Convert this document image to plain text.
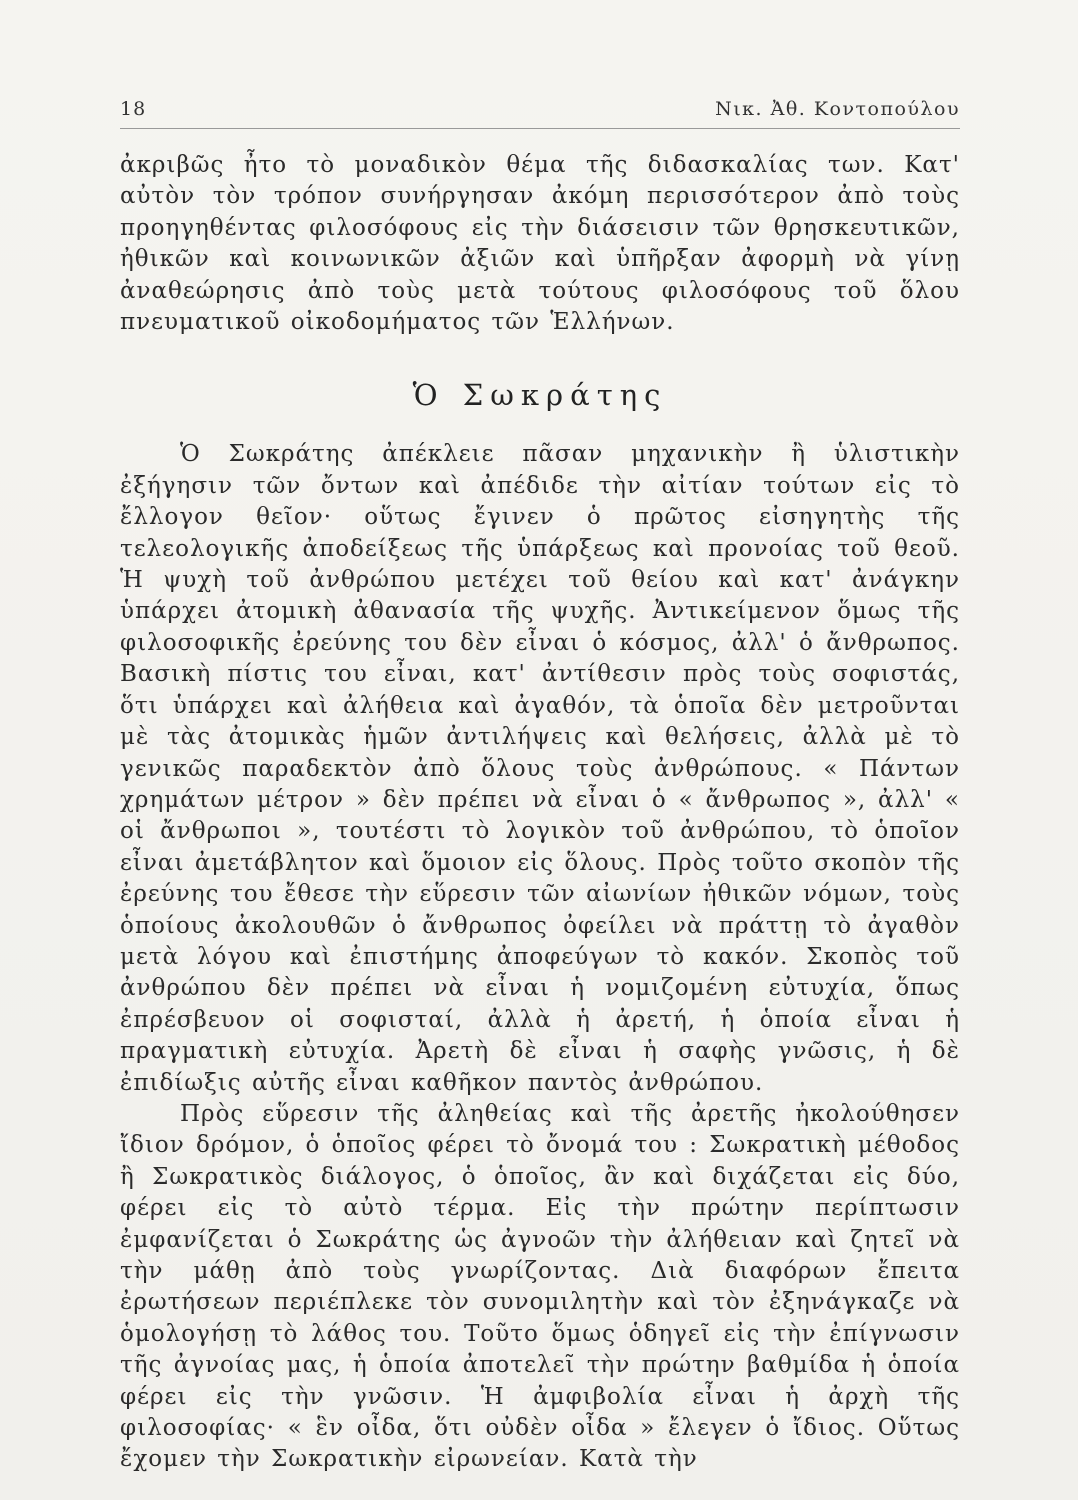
18	Νικ. Ἀθ. Κοντοπούλου

ἀκριβῶς ἦτο τὸ μοναδικὸν θέμα τῆς διδασκαλίας των. Κατ' αὐτὸν τὸν τρόπον συνήργησαν ἀκόμη περισσότερον ἀπὸ τοὺς προηγηθέντας φιλοσόφους εἰς τὴν διάσεισιν τῶν θρησκευτικῶν, ἠθικῶν καὶ κοινωνικῶν ἀξιῶν καὶ ὑπῆρξαν ἀφορμὴ νὰ γίνῃ ἀναθεώρησις ἀπὸ τοὺς μετὰ τούτους φιλοσόφους τοῦ ὅλου πνευματικοῦ οἰκοδομήματος τῶν Ἑλλήνων.

Ὁ Σωκράτης

Ὁ Σωκράτης ἀπέκλειε πᾶσαν μηχανικὴν ἢ ὑλιστικὴν ἐξήγησιν τῶν ὄντων καὶ ἀπέδιδε τὴν αἰτίαν τούτων εἰς τὸ ἔλλογον θεῖον· οὕτως ἔγινεν ὁ πρῶτος εἰσηγητὴς τῆς τελεολογικῆς ἀποδείξεως τῆς ὑπάρξεως καὶ προνοίας τοῦ θεοῦ. Ἡ ψυχὴ τοῦ ἀνθρώπου μετέχει τοῦ θείου καὶ κατ' ἀνάγκην ὑπάρχει ἀτομικὴ ἀθανασία τῆς ψυχῆς. Ἀντικείμενον ὅμως τῆς φιλοσοφικῆς ἐρεύνης του δὲν εἶναι ὁ κόσμος, ἀλλ' ὁ ἄνθρωπος. Βασικὴ πίστις του εἶναι, κατ' ἀντίθεσιν πρὸς τοὺς σοφιστάς, ὅτι ὑπάρχει καὶ ἀλήθεια καὶ ἀγαθόν, τὰ ὁποῖα δὲν μετροῦνται μὲ τὰς ἀτομικὰς ἡμῶν ἀντιλήψεις καὶ θελήσεις, ἀλλὰ μὲ τὸ γενικῶς παραδεκτὸν ἀπὸ ὅλους τοὺς ἀνθρώπους. « Πάντων χρημάτων μέτρον » δὲν πρέπει νὰ εἶναι ὁ « ἄνθρωπος », ἀλλ' « οἱ ἄνθρωποι », τουτέστι τὸ λογικὸν τοῦ ἀνθρώπου, τὸ ὁποῖον εἶναι ἀμετάβλητον καὶ ὅμοιον εἰς ὅλους. Πρὸς τοῦτο σκοπὸν τῆς ἐρεύνης του ἔθεσε τὴν εὕρεσιν τῶν αἰωνίων ἠθικῶν νόμων, τοὺς ὁποίους ἀκολουθῶν ὁ ἄνθρωπος ὀφείλει νὰ πράττῃ τὸ ἀγαθὸν μετὰ λόγου καὶ ἐπιστήμης ἀποφεύγων τὸ κακόν. Σκοπὸς τοῦ ἀνθρώπου δὲν πρέπει νὰ εἶναι ἡ νομιζομένη εὐτυχία, ὅπως ἐπρέσβευον οἱ σοφισταί, ἀλλὰ ἡ ἀρετή, ἡ ὁποία εἶναι ἡ πραγματικὴ εὐτυχία. Ἀρετὴ δὲ εἶναι ἡ σαφὴς γνῶσις, ἡ δὲ ἐπιδίωξις αὐτῆς εἶναι καθῆκον παντὸς ἀνθρώπου.

Πρὸς εὕρεσιν τῆς ἀληθείας καὶ τῆς ἀρετῆς ἠκολούθησεν ἴδιον δρόμον, ὁ ὁποῖος φέρει τὸ ὄνομά του : Σωκρατικὴ μέθοδος ἢ Σωκρατικὸς διάλογος, ὁ ὁποῖος, ἂν καὶ διχάζεται εἰς δύο, φέρει εἰς τὸ αὐτὸ τέρμα. Εἰς τὴν πρώτην περίπτωσιν ἐμφανίζεται ὁ Σωκράτης ὡς ἀγνοῶν τὴν ἀλήθειαν καὶ ζητεῖ νὰ τὴν μάθῃ ἀπὸ τοὺς γνωρίζοντας. Διὰ διαφόρων ἔπειτα ἐρωτήσεων περιέπλεκε τὸν συνομιλητὴν καὶ τὸν ἐξηνάγκαζε νὰ ὁμολογήσῃ τὸ λάθος του. Τοῦτο ὅμως ὁδηγεῖ εἰς τὴν ἐπίγνωσιν τῆς ἀγνοίας μας, ἡ ὁποία ἀποτελεῖ τὴν πρώτην βαθμίδα ἡ ὁποία φέρει εἰς τὴν γνῶσιν. Ἡ ἀμφιβολία εἶναι ἡ ἀρχὴ τῆς φιλοσοφίας· « ἓν οἶδα, ὅτι οὐδὲν οἶδα » ἔλεγεν ὁ ἴδιος. Οὕτως ἔχομεν τὴν Σωκρατικὴν εἰρωνείαν. Κατὰ τὴν
